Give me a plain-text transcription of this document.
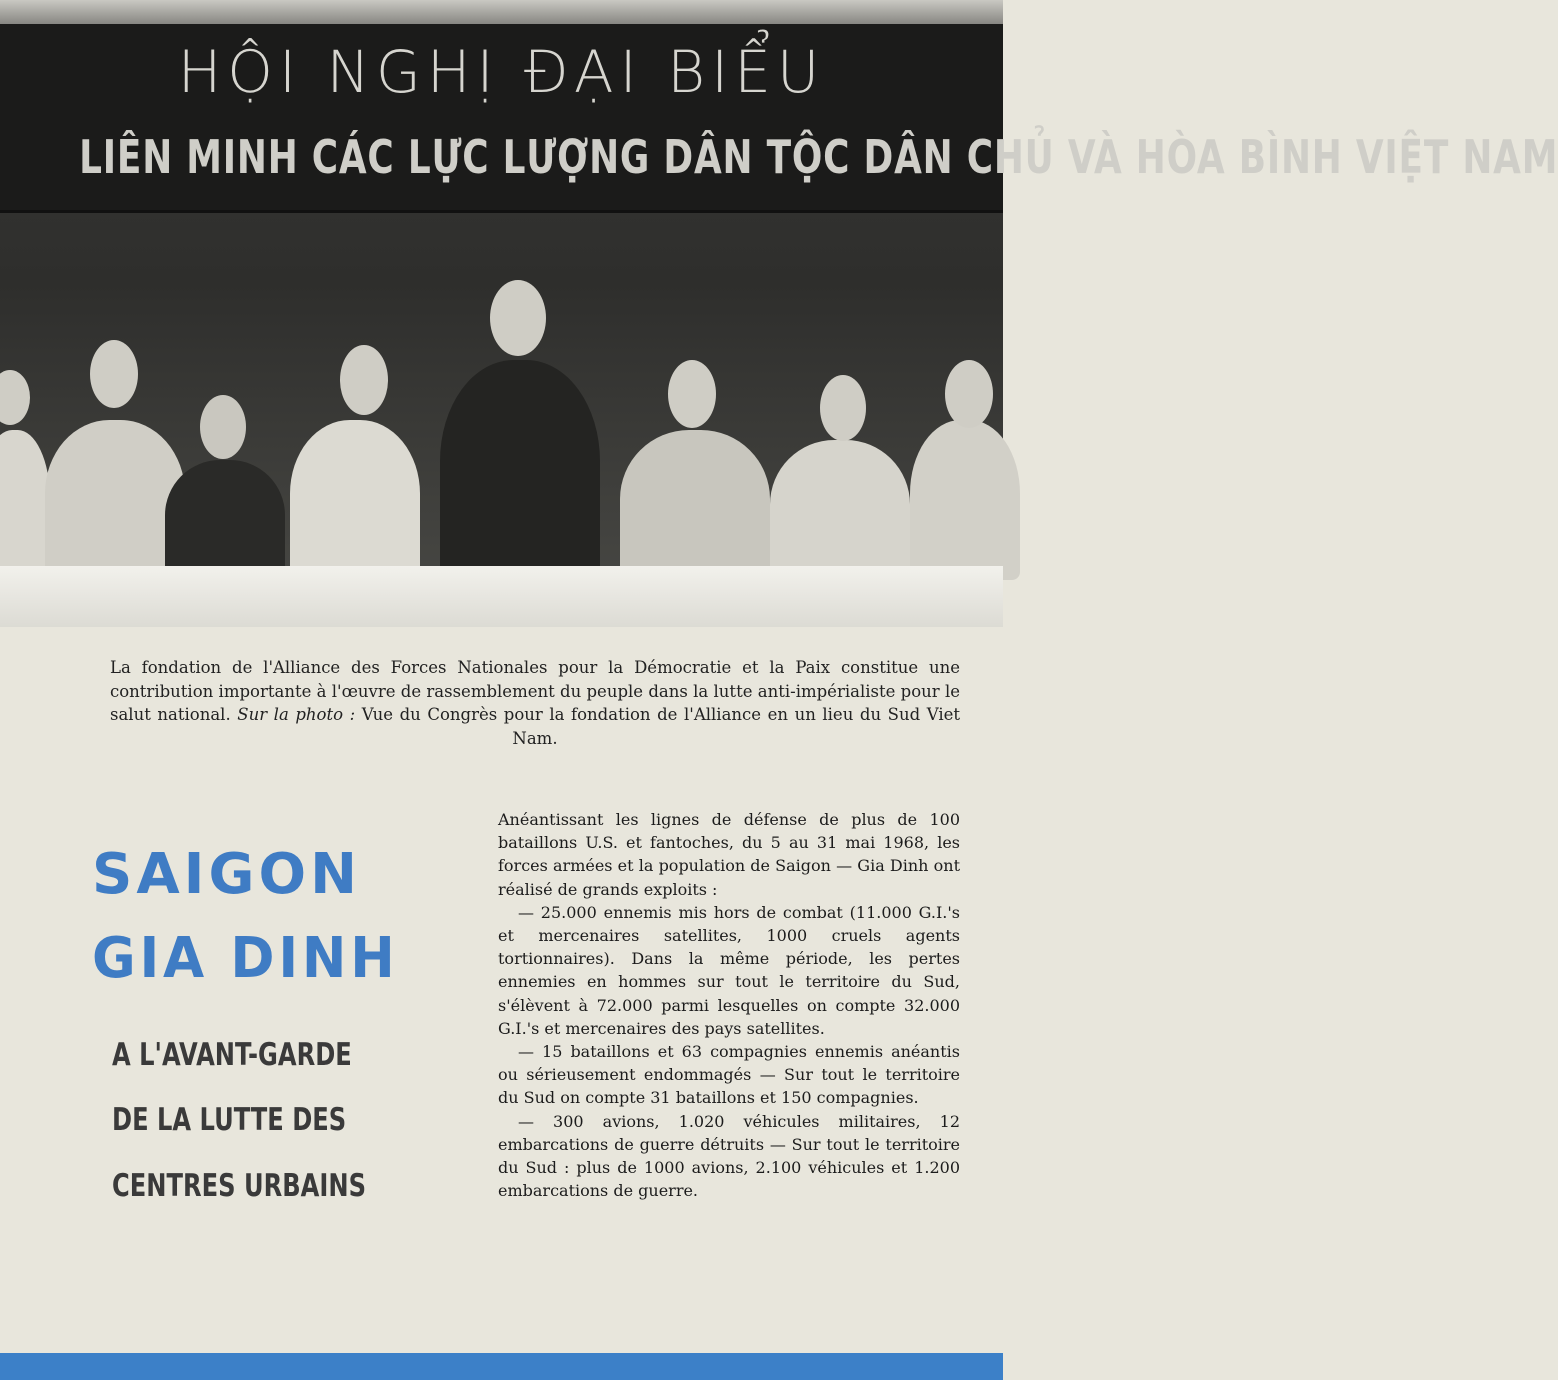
HỘI NGHỊ ĐẠI BIỂU
LIÊN MINH CÁC LỰC LƯỢNG DÂN TỘC DÂN CHỦ VÀ HÒA BÌNH VIỆT NAM
La fondation de l'Alliance des Forces Nationales pour la Démocratie et la Paix constitue une contribution importante à l'œuvre de rassemblement du peuple dans la lutte anti-impérialiste pour le salut national. Sur la photo : Vue du Congrès pour la fondation de l'Alliance en un lieu du Sud Viet Nam.
SAIGON
GIA DINH
A L'AVANT-GARDE
DE LA LUTTE DES
CENTRES URBAINS

Anéantissant les lignes de défense de plus de 100 bataillons U.S. et fantoches, du 5 au 31 mai 1968, les forces armées et la population de Saigon — Gia Dinh ont réalisé de grands exploits :

— 25.000 ennemis mis hors de combat (11.000 G.I.'s et mercenaires satellites, 1000 cruels agents tortionnaires). Dans la même période, les pertes ennemies en hommes sur tout le territoire du Sud, s'élèvent à 72.000 parmi lesquelles on compte 32.000 G.I.'s et mercenaires des pays satellites.

— 15 bataillons et 63 compagnies ennemis anéantis ou sérieusement endommagés — Sur tout le territoire du Sud on compte 31 bataillons et 150 compagnies.

— 300 avions, 1.020 véhicules militaires, 12 embarcations de guerre détruits — Sur tout le territoire du Sud : plus de 1000 avions, 2.100 véhicules et 1.200 embarcations de guerre.
